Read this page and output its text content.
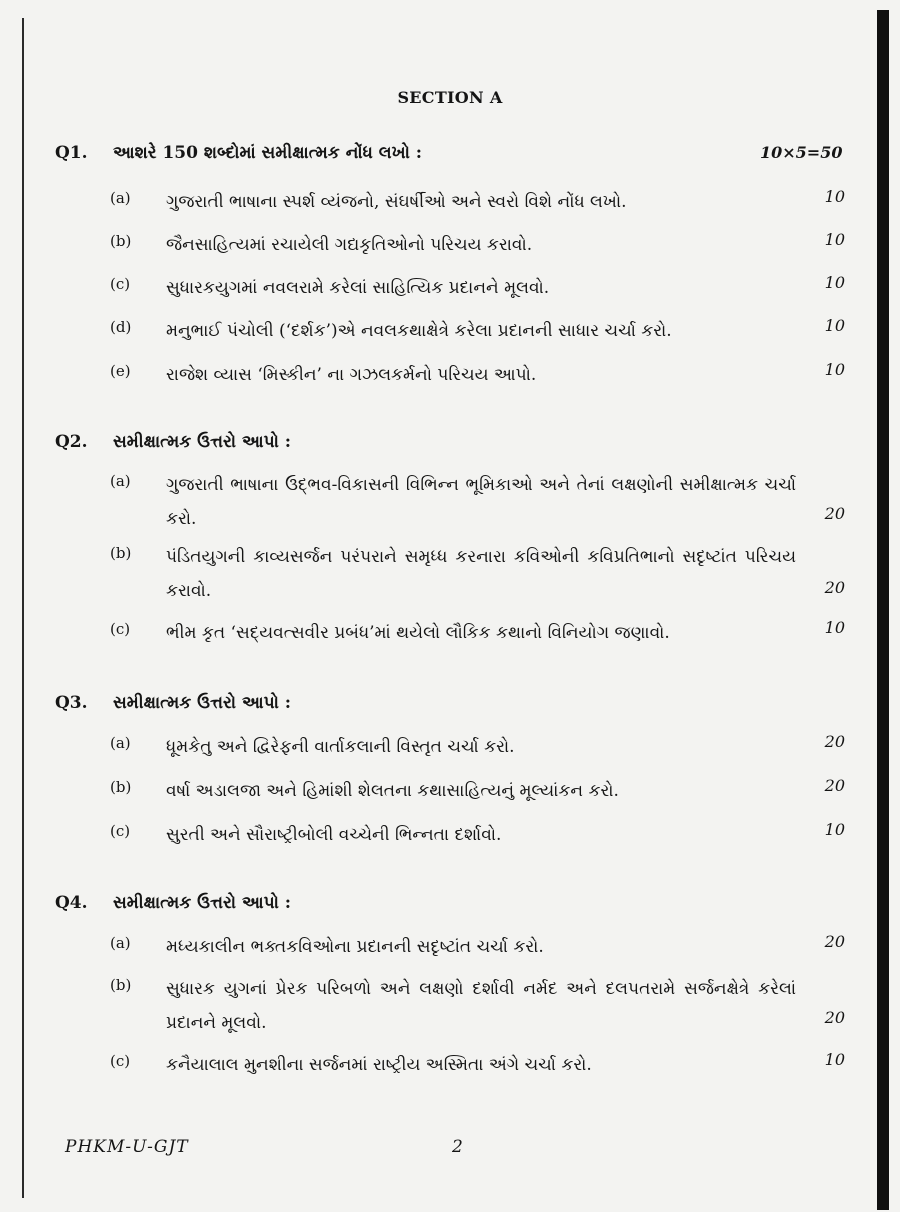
SECTION A
Q1. આશરે 150 શબ્દોમાં સમીક્ષાત્મક નોંધ લખો :	10×5=50
(a) ગુજરાતી ભાષાના સ્પર્શ વ્યંજનો, સંઘર્ષીઓ અને સ્વરો વિશે નોંધ લખો.	10
(b) જૈનસાહિત્યમાં રચાયેલી ગદ્યકૃતિઓનો પરિચય કરાવો.	10
(c) સુધારકયુગમાં નવલરામે કરેલાં સાહિત્યિક પ્રદાનને મૂલવો.	10
(d) મનુભાઈ પંચોલી (‘દર્શક’)એ નવલકથાક્ષેત્રે કરેલા પ્રદાનની સાધાર ચર્ચા કરો.	10
(e) રાજેશ વ્યાસ ‘મિસ્કીન’ ના ગઝલકર્મનો પરિચય આપો.	10
Q2. સમીક્ષાત્મક ઉત્તરો આપો :
(a) ગુજરાતી ભાષાના ઉદ્‌ભવ-વિકાસની વિભિન્ન ભૂમિકાઓ અને તેનાં લક્ષણોની સમીક્ષાત્મક ચર્ચા કરો.	20
(b) પંડિતયુગની કાવ્યસર્જન પરંપરાને સમૃધ્ધ કરનારા કવિઓની કવિપ્રતિભાનો સદૃષ્ટાંત પરિચય કરાવો.	20
(c) ભીમ કૃત ‘સદ્‌યવત્સવીર પ્રબંધ’માં થયેલો લૌકિક કથાનો વિનિયોગ જણાવો.	10
Q3. સમીક્ષાત્મક ઉત્તરો આપો :
(a) ધૂમકેતુ અને દ્વિરેફની વાર્તાકલાની વિસ્તૃત ચર્ચા કરો.	20
(b) વર્ષા અડાલજા અને હિમાંશી શેલતના કથાસાહિત્યનું મૂલ્યાંકન કરો.	20
(c) સુરતી અને સૌરાષ્ટ્રીબોલી વચ્ચેની ભિન્નતા દર્શાવો.	10
Q4. સમીક્ષાત્મક ઉત્તરો આપો :
(a) મધ્યકાલીન ભક્તકવિઓના પ્રદાનની સદૃષ્ટાંત ચર્ચા કરો.	20
(b) સુધારક યુગનાં પ્રેરક પરિબળો અને લક્ષણો દર્શાવી નર્મદ અને દલપતરામે સર્જનક્ષેત્રે કરેલાં પ્રદાનને મૂલવો.	20
(c) કનૈયાલાલ મુનશીના સર્જનમાં રાષ્ટ્રીય અસ્મિતા અંગે ચર્ચા કરો.	10
PHKM-U-GJT	2
